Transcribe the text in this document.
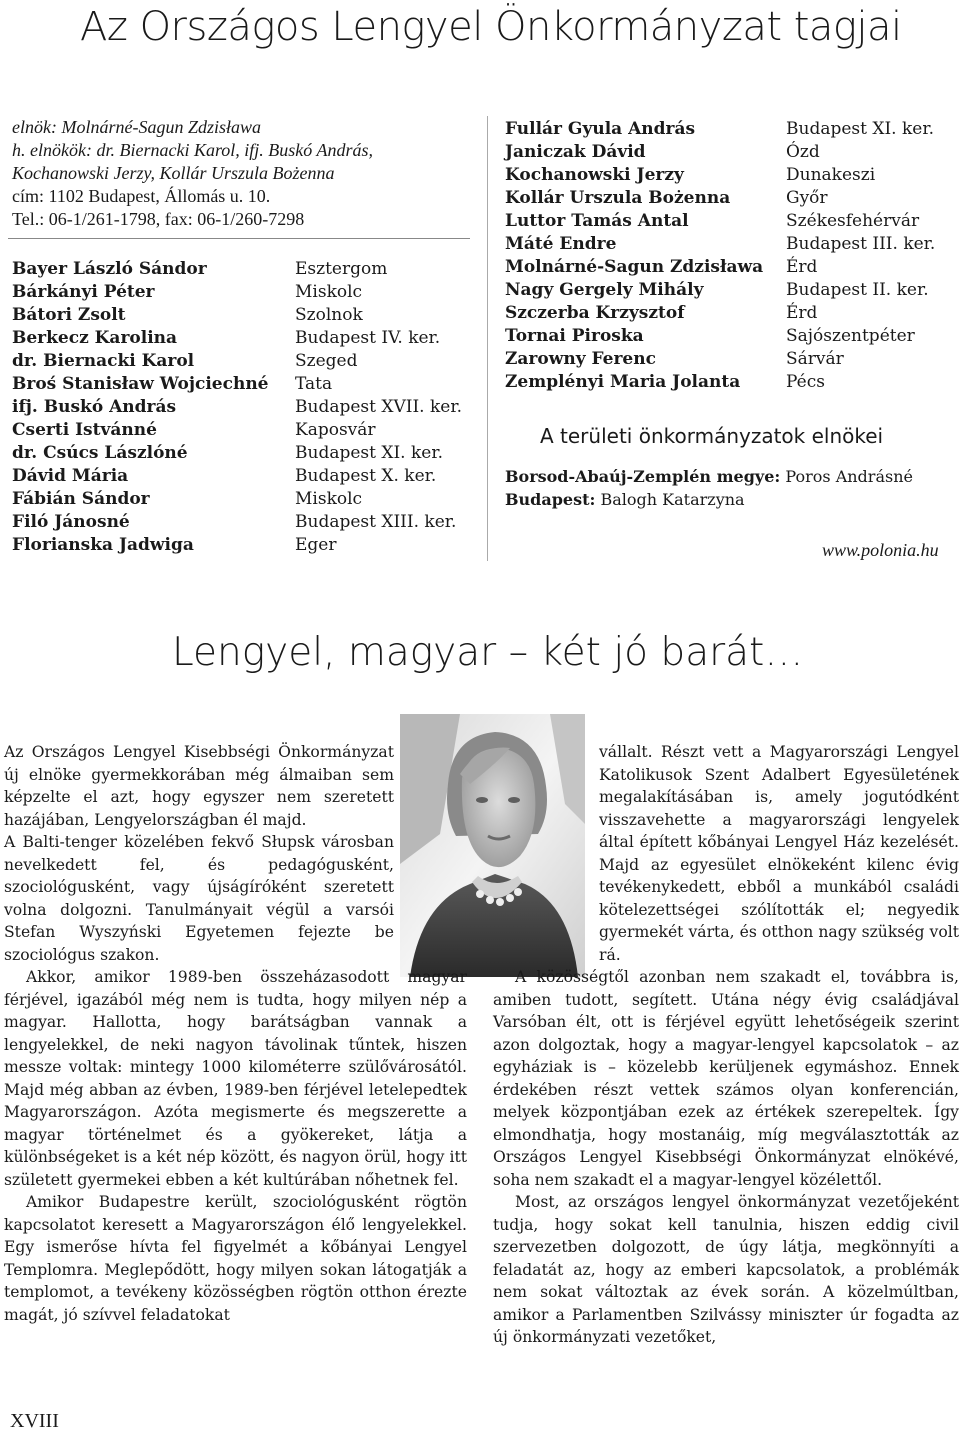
Az Országos Lengyel Önkormányzat tagjai
elnök: Molnárné-Sagun Zdzisława
h. elnökök: dr. Biernacki Karol, ifj. Buskó András,
Kochanowski Jerzy, Kollár Urszula Bożenna
cím: 1102 Budapest, Állomás u. 10.
Tel.: 06-1/261-1798, fax: 06-1/260-7298
Bayer László Sándor	Esztergom
Bárkányi Péter	Miskolc
Bátori Zsolt	Szolnok
Berkecz Karolina	Budapest IV. ker.
dr. Biernacki Karol	Szeged
Broś Stanisław Wojciechné Tata
ifj. Buskó András	Budapest XVII. ker.
Cserti Istvánné	Kaposvár
dr. Csúcs Lászlóné	Budapest XI. ker.
Dávid Mária	Budapest X. ker.
Fábián Sándor	Miskolc
Filó Jánosné	Budapest XIII. ker.
Florianska Jadwiga	Eger
Fullár Gyula András	Budapest XI. ker.
Janiczak Dávid	Ózd
Kochanowski Jerzy	Dunakeszi
Kollár Urszula Bożenna	Győr
Luttor Tamás Antal	Székesfehérvár
Máté Endre	Budapest III. ker.
Molnárné-Sagun Zdzisława Érd
Nagy Gergely Mihály	Budapest II. ker.
Szczerba Krzysztof	Érd
Tornai Piroska	Sajószentpéter
Zarowny Ferenc	Sárvár
Zemplényi Maria Jolanta	Pécs
A területi önkormányzatok elnökei
Borsod-Abaúj-Zemplén megye: Poros Andrásné
Budapest: Balogh Katarzyna
www.polonia.hu
Lengyel, magyar – két jó barát…
Az Országos Lengyel Kisebbségi Önkormányzat új elnöke gyermekkorában még álmaiban sem képzelte el azt, hogy egyszer nem szeretett hazájában, Lengyelországban él majd.
A Balti-tenger közelében fekvő Słupsk városban nevelkedett fel, és pedagógusként, szociológusként, vagy újságíróként szeretett volna dolgozni. Tanulmányait végül a varsói Stefan Wyszyński Egyetemen fejezte be szociológus szakon.
Akkor, amikor 1989-ben összeházasodott magyar férjével, igazából még nem is tudta, hogy milyen nép a magyar. Hallotta, hogy barátságban vannak a lengyelekkel, de neki nagyon távolinak tűntek, hiszen messze voltak: mintegy 1000 kilométerre szülővárosától. Majd még abban az évben, 1989-ben férjével letelepedtek Magyarországon. Azóta megismerte és megszerette a magyar történelmet és a gyökereket, látja a különbségeket is a két nép között, és nagyon örül, hogy itt született gyermekei ebben a két kultúrában nőhetnek fel.
Amikor Budapestre került, szociológusként rögtön kapcsolatot keresett a Magyarországon élő lengyelekkel. Egy ismerőse hívta fel figyelmét a kőbányai Lengyel Templomra. Meglepődött, hogy milyen sokan látogatják a templomot, a tevékeny közösségben rögtön otthon érezte magát, jó szívvel feladatokat
vállalt. Részt vett a Magyarországi Lengyel Katolikusok Szent Adalbert Egyesületének megalakításában is, amely jogutódként visszavehette a magyarországi lengyelek által épített kőbányai Lengyel Ház kezelését. Majd az egyesület elnökeként kilenc évig tevékenykedett, ebből a munkából családi kötelezettségei szólították el; negyedik gyermekét várta, és otthon nagy szükség volt rá.
A közösségtől azonban nem szakadt el, továbbra is, amiben tudott, segített. Utána négy évig családjával Varsóban élt, ott is férjével együtt lehetőségeik szerint azon dolgoztak, hogy a magyar-lengyel kapcsolatok – az egyháziak is – közelebb kerüljenek egymáshoz. Ennek érdekében részt vettek számos olyan konferencián, melyek központjában ezek az értékek szerepeltek. Így elmondhatja, hogy mostanáig, míg megválasztották az Országos Lengyel Kisebbségi Önkormányzat elnökévé, soha nem szakadt el a magyar-lengyel közélettől.
Most, az országos lengyel önkormányzat vezetőjeként tudja, hogy sokat kell tanulnia, hiszen eddig civil szervezetben dolgozott, de úgy látja, megkönnyíti a feladatát az, hogy az emberi kapcsolatok, a problémák nem sokat változtak az évek során. A közelmúltban, amikor a Parlamentben Szilvássy miniszter úr fogadta az új önkormányzati vezetőket,
XVIII
